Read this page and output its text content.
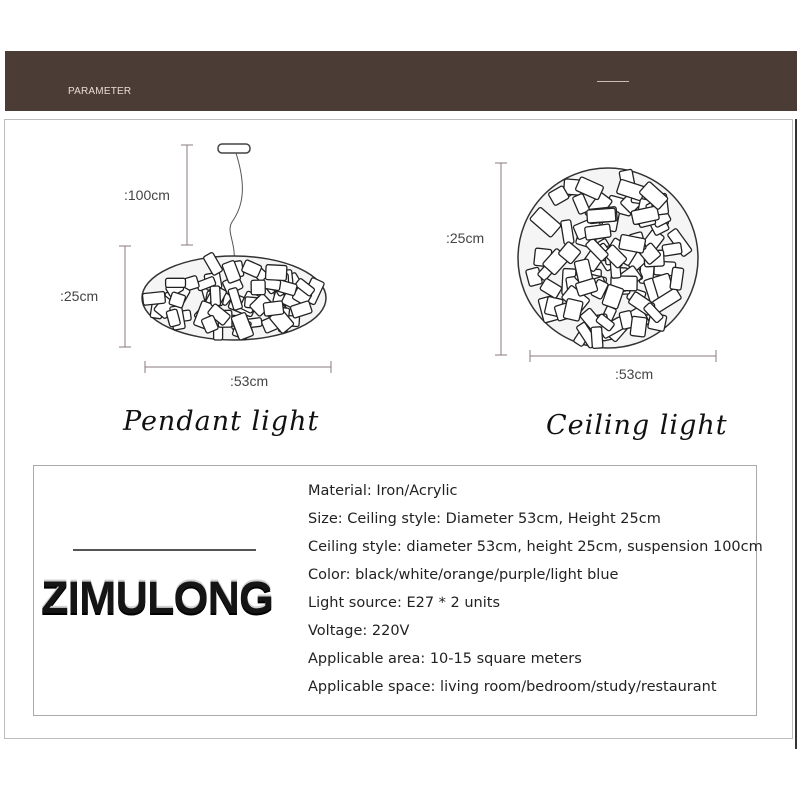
PARAMETER
:100cm
:25cm
:53cm
:25cm
:53cm
Pendant light	Ceiling light
ZIMULONG
Material: Iron/Acrylic
Size: Ceiling style: Diameter 53cm, Height 25cm
Ceiling style: diameter 53cm, height 25cm, suspension 100cm
Color: black/white/orange/purple/light blue
Light source: E27 * 2 units
Voltage: 220V
Applicable area: 10-15 square meters
Applicable space: living room/bedroom/study/restaurant
